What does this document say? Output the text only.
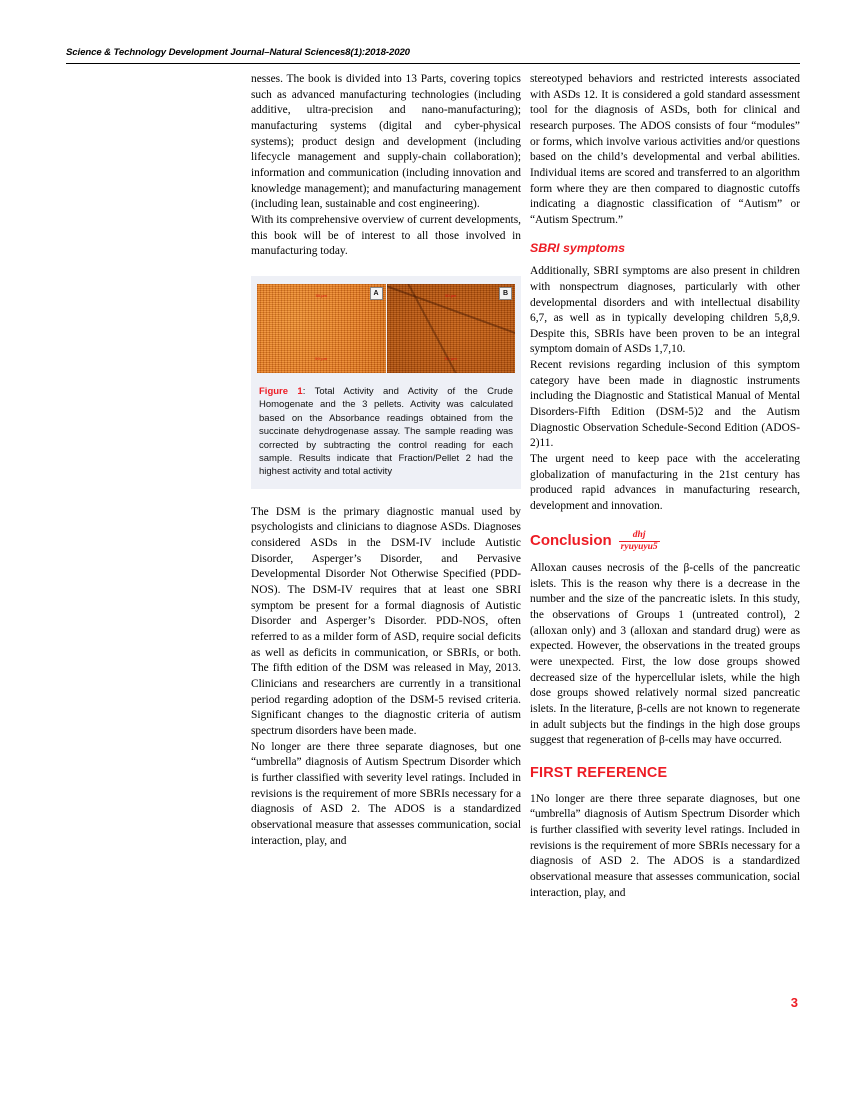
Science & Technology Development Journal–Natural Sciences8(1):2018-2020

nesses. The book is divided into 13 Parts, covering topics such as advanced manufacturing technologies (including additive, ultra-precision and nano-manufacturing); manufacturing systems (digital and cyber-physical systems); product design and development (including lifecycle management and supply-chain collaboration); information and communication (including innovation and knowledge management); and manufacturing management (including lean, sustainable and cost engineering).

With its comprehensive overview of current developments, this book will be of interest to all those involved in manufacturing today.

50 µm
50 µm
A	50 µm
50 µm
B
Figure 1: Total Activity and Activity of the Crude Homogenate and the 3 pellets. Activity was calculated based on the Absorbance readings obtained from the succinate dehydrogenase assay. The sample reading was corrected by subtracting the control reading for each sample. Results indicate that Fraction/Pellet 2 had the highest activity and total activity

The DSM is the primary diagnostic manual used by psychologists and clinicians to diagnose ASDs. Diagnoses considered ASDs in the DSM-IV include Autistic Disorder, Asperger’s Disorder, and Pervasive Developmental Disorder Not Otherwise Specified (PDD-NOS). The DSM-IV requires that at least one SBRI symptom be present for a formal diagnosis of Autistic Disorder and Asperger’s Disorder. PDD-NOS, often referred to as a milder form of ASD, require social deficits as well as deficits in communication, or SBRIs, or both. The fifth edition of the DSM was released in May, 2013. Clinicians and researchers are currently in a transitional period regarding adoption of the DSM-5 revised criteria. Significant changes to the diagnostic criteria of autism spectrum disorders have been made.

No longer are there three separate diagnoses, but one “umbrella” diagnosis of Autism Spectrum Disorder which is further classified with severity level ratings. Included in revisions is the requirement of more SBRIs necessary for a diagnosis of ASD 2. The ADOS is a standardized observational measure that assesses communication, social interaction, play, and

stereotyped behaviors and restricted interests associated with ASDs 12. It is considered a gold standard assessment tool for the diagnosis of ASDs, both for clinical and research purposes. The ADOS consists of four “modules” or forms, which involve various activities and/or questions based on the child’s developmental and verbal abilities. Individual items are scored and transferred to an algorithm form where they are then compared to diagnostic cutoffs indicating a diagnostic classification of “Autism” or “Autism Spectrum.”

SBRI symptoms

Additionally, SBRI symptoms are also present in children with nonspectrum diagnoses, particularly with other developmental disorders and with intellectual disability 6,7, as well as in typically developing children 5,8,9. Despite this, SBRIs have been proven to be an integral symptom domain of ASDs 1,7,10.

Recent revisions regarding inclusion of this symptom category have been made in diagnostic instruments including the Diagnostic and Statistical Manual of Mental Disorders-Fifth Edition (DSM-5)2 and the Autism Diagnostic Observation Schedule-Second Edition (ADOS- 2)11.

The urgent need to keep pace with the accelerating globalization of manufacturing in the 21st century has produced rapid advances in manufacturing research, development and innovation.

Conclusion $\frac{\text{dhj}}{\text{ryuyuyu5}}$

Alloxan causes necrosis of the β-cells of the pancreatic islets. This is the reason why there is a decrease in the number and the size of the pancreatic islets. In this study, the observations of Groups 1 (untreated control), 2 (alloxan only) and 3 (alloxan and standard drug) were as expected. However, the observations in the treated groups were unexpected. First, the low dose groups showed decreased size of the hypercellular islets, while the high dose groups showed relatively normal sized pancreatic islets. In the literature, β-cells are not known to regenerate in adult subjects but the findings in the high dose groups suggest that regeneration of β-cells may have occurred.

FIRST REFERENCE

1No longer are there three separate diagnoses, but one “umbrella” diagnosis of Autism Spectrum Disorder which is further classified with severity level ratings. Included in revisions is the requirement of more SBRIs necessary for a diagnosis of ASD 2. The ADOS is a standardized observational measure that assesses communication, social interaction, play, and

3
